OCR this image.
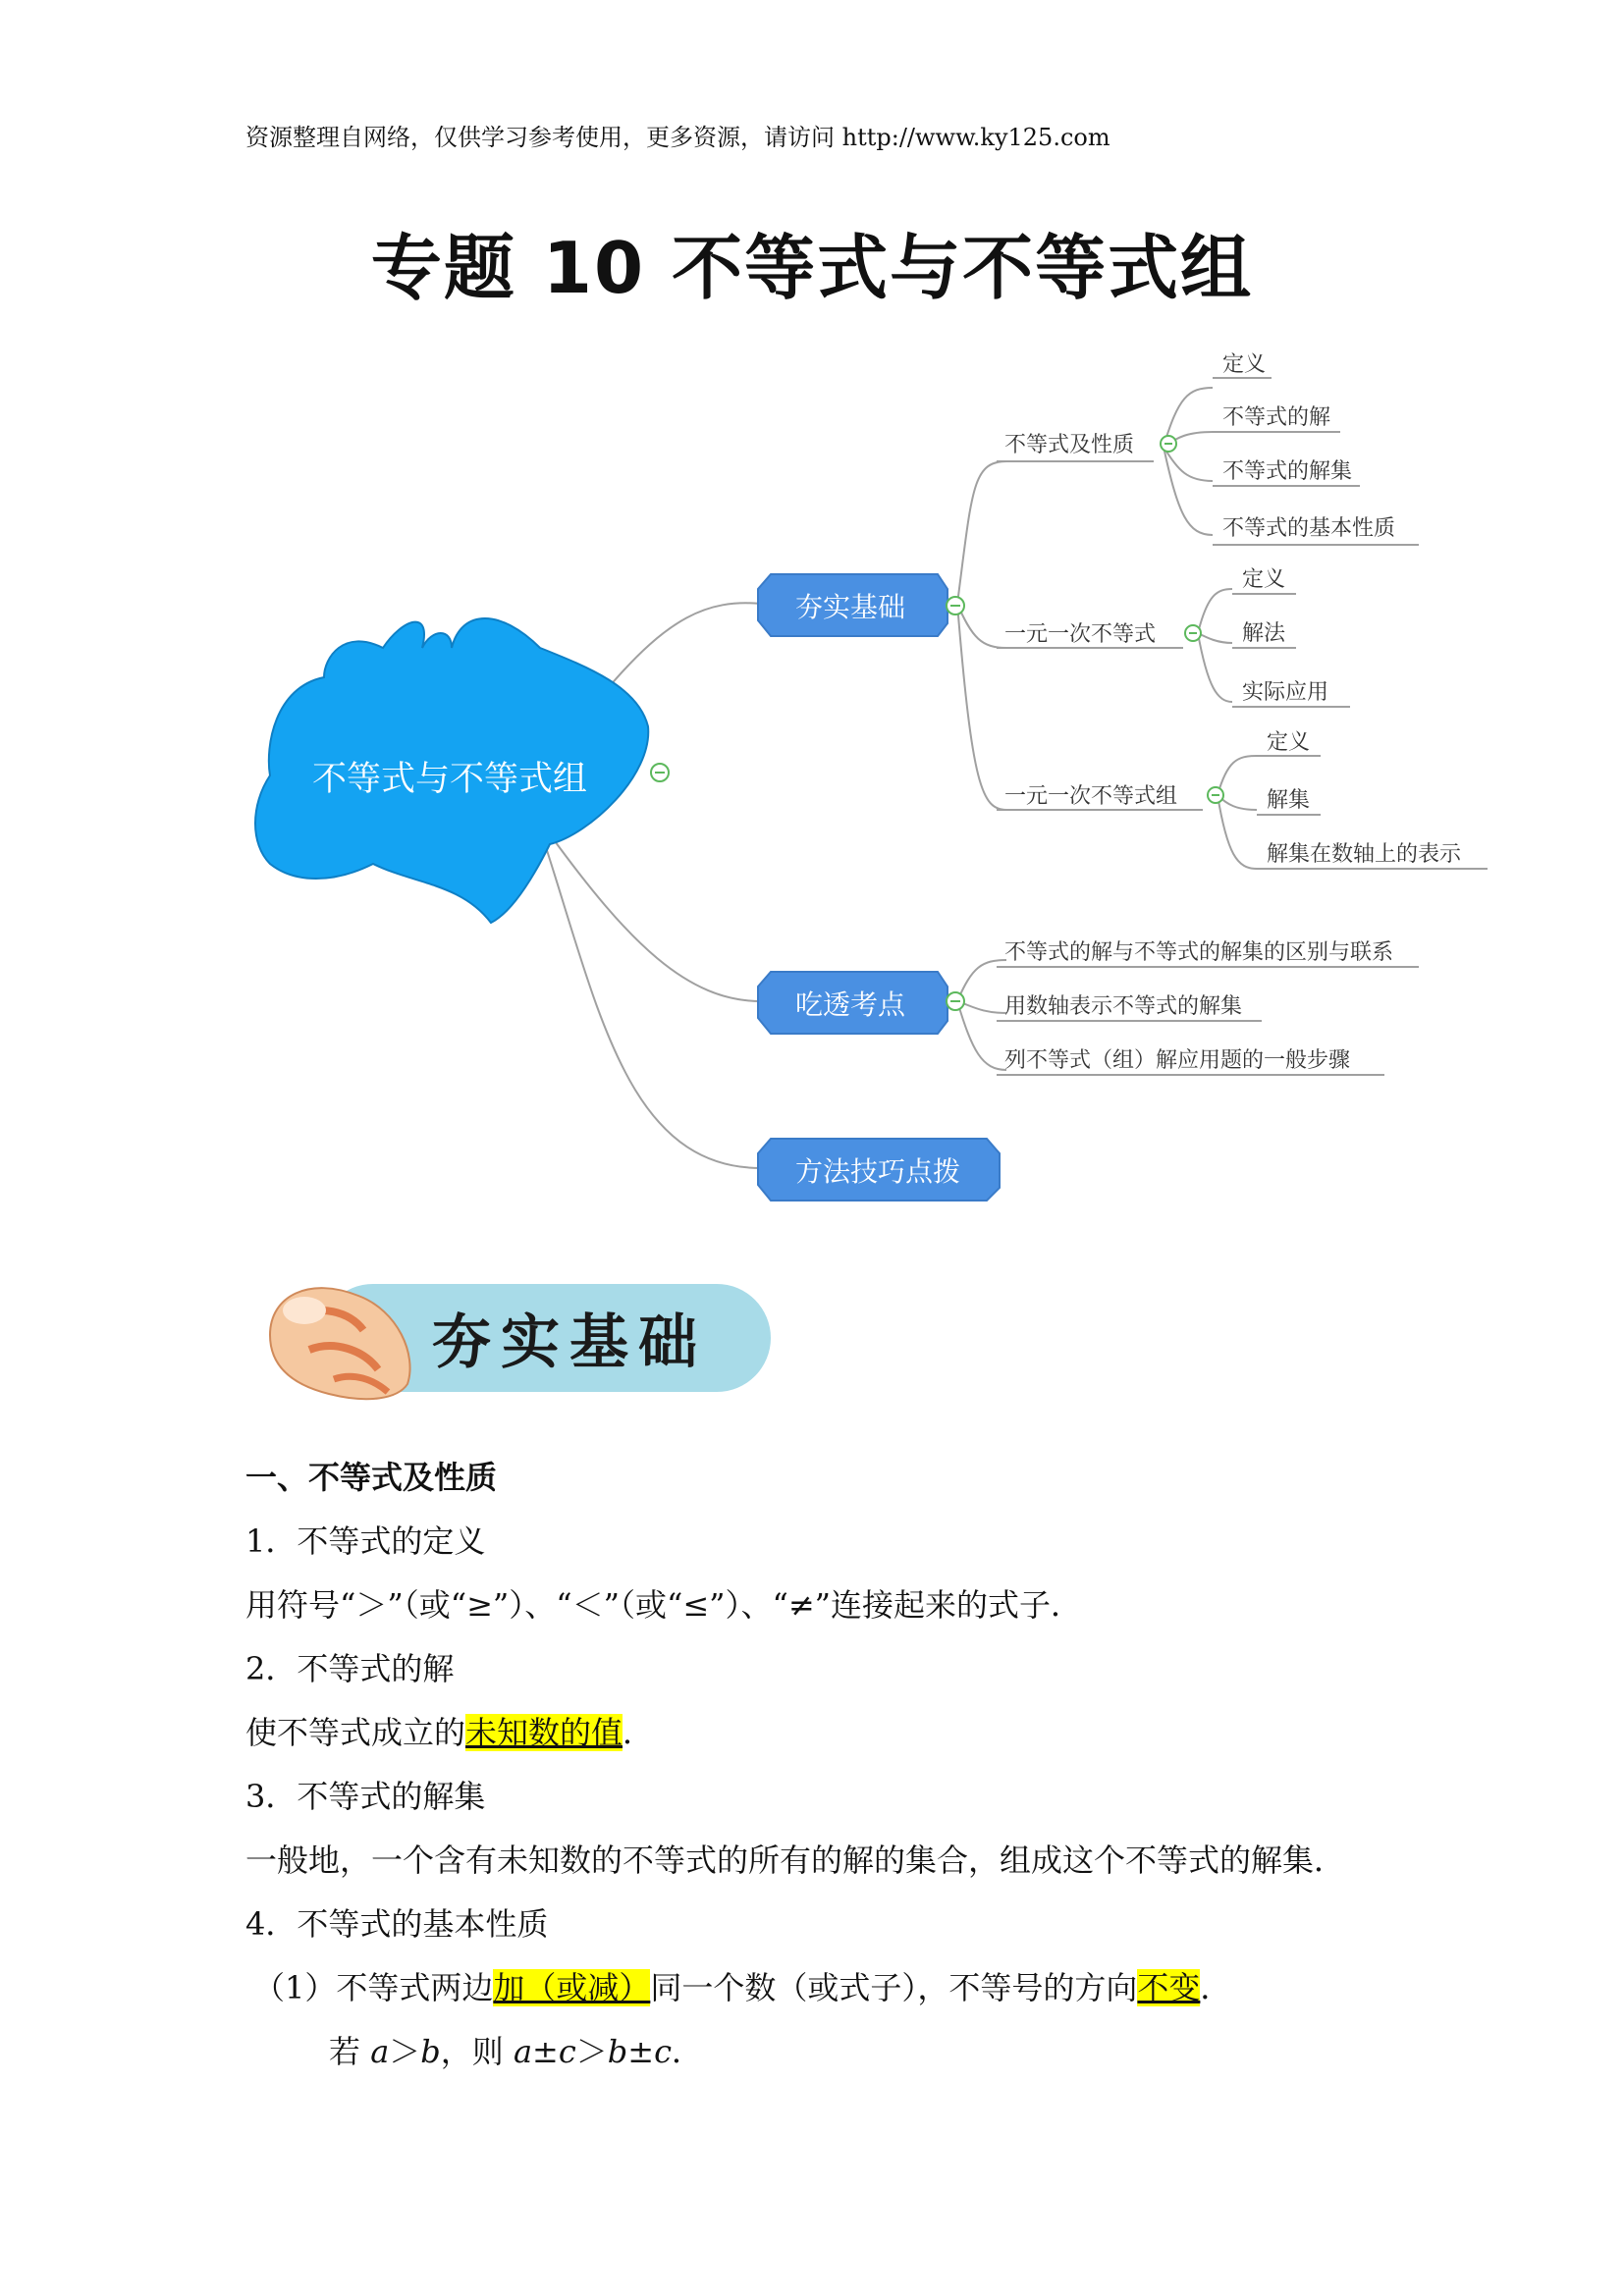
资源整理自网络，仅供学习参考使用，更多资源，请访问 http://www.ky125.com
专题 10 不等式与不等式组
不等式与不等式组
夯实基础
吃透考点
方法技巧点拨
不等式及性质
一元一次不等式
一元一次不等式组
定义
不等式的解
不等式的解集
不等式的基本性质
定义
解法
实际应用
定义
解集
解集在数轴上的表示
不等式的解与不等式的解集的区别与联系
用数轴表示不等式的解集
列不等式（组）解应用题的一般步骤
夯实基础
一、不等式及性质
1．不等式的定义
用符号“＞”（或“≥”）、“＜”（或“≤”）、“≠”连接起来的式子．
2．不等式的解
使不等式成立的未知数的值．
3．不等式的解集
一般地，一个含有未知数的不等式的所有的解的集合，组成这个不等式的解集．
4．不等式的基本性质
（1）不等式两边加（或减）同一个数（或式子），不等号的方向不变．
若 a＞b，则 a±c＞b±c．
